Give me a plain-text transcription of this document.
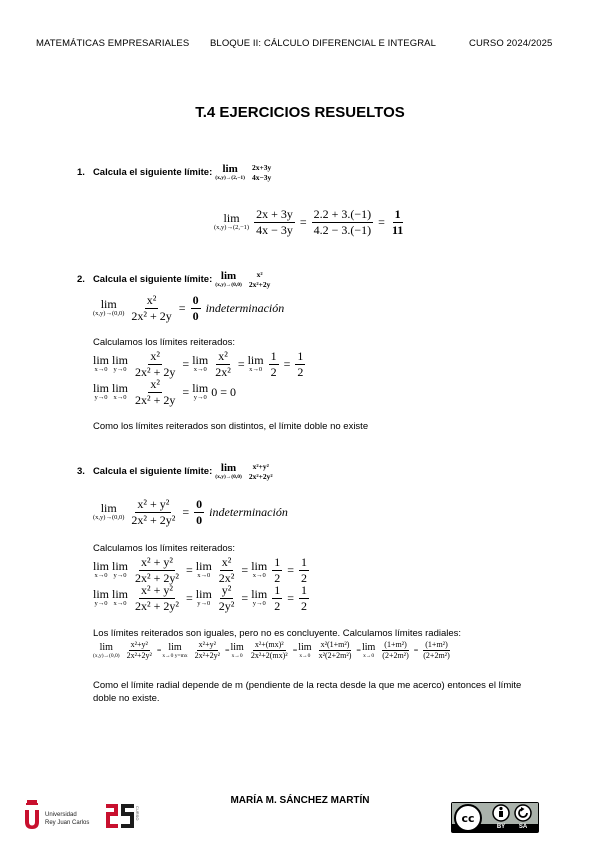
MATEMÁTICAS EMPRESARIALES BLOQUE II: CÁLCULO DIFERENCIAL E INTEGRAL	CURSO 2024/2025
T.4 EJERCICIOS RESUELTOS
1. Calcula el siguiente límite: lim
(x,y)→(2,−1)
2x+3y
4x−3y
lim
$(x,y)\to(2,-1) \frac{2x + 3y}{4x - 3y} = \frac{2.2 + 3.(-1)}{4.2 - 3.(-1)} = \frac{1}{11}$
2. Calcula el siguiente límite: lim
(x,y)→(0,0)
x²
2x²+2y
lim
$(x,y)\to(0,0) \frac{\text{x²}}{\text{2x² + 2y}} = \frac{0}{0}$ indeterminación
Calculamos los límites reiterados:
lim
x→0
lim
$y\to 0 \frac{\text{x²}}{\text{2x² + 2y}} = \lim$
$x\to 0 \frac{\text{x²}}{\text{2x²}} = \lim$
$x\to 0 \frac{1}{2} = \frac{1}{2}$
lim
y→0
lim
$x\to 0 \frac{\text{x²}}{\text{2x² + 2y}} = \lim$
y→0 0 = 0
Como los límites reiterados son distintos, el límite doble no existe
3. Calcula el siguiente límite: lim
(x,y)→(0,0)
x²+y²
2x²+2y²
lim
$(x,y)\to(0,0) \frac{\text{x² + y²}}{\text{2x² + 2y²}} = \frac{0}{0}$ indeterminación
Calculamos los límites reiterados:
lim
x→0
lim
$y\to 0 \frac{\text{x² + y²}}{\text{2x² + 2y²}} = \lim$
$x\to 0 \frac{\text{x²}}{\text{2x²}} = \lim$
$x\to 0 \frac{1}{2} = \frac{1}{2}$
lim
y→0
lim
$x\to 0 \frac{\text{x² + y²}}{\text{2x² + 2y²}} = \lim$
$y\to 0 \frac{\text{y²}}{\text{2y²}} = \lim$
$y\to 0 \frac{1}{2} = \frac{1}{2}$
Los límites reiterados son iguales, pero no es concluyente. Calculamos límites radiales:
lim
$(x,y)\to(0,0) \frac{\text{x²+y²}}{\text{2x²+2y²}} = \lim$
x→0 $y=mx \frac{\text{x²+y²}}{\text{2x²+2y²}} = \lim$
$x\to 0 \frac{\text{x²+(mx)²}}{\text{2x²+2(mx)²}} = \lim$
$x\to 0 \frac{\text{x²(1+m²)}}{\text{x²(2+2m²)}} = \lim$
$x\to 0 \frac{\text{(1+m²)}}{\text{(2+2m²)}} = \frac{\text{(1+m²)}}{\text{(2+2m²)}}$
Como el límite radial depende de m (pendiente de la recta desde la que me acerco) entonces el límite doble no existe.
MARÍA M. SÁNCHEZ MARTÍN
Universidad
Rey Juan Carlos
CURSO	cc
BY	SA
